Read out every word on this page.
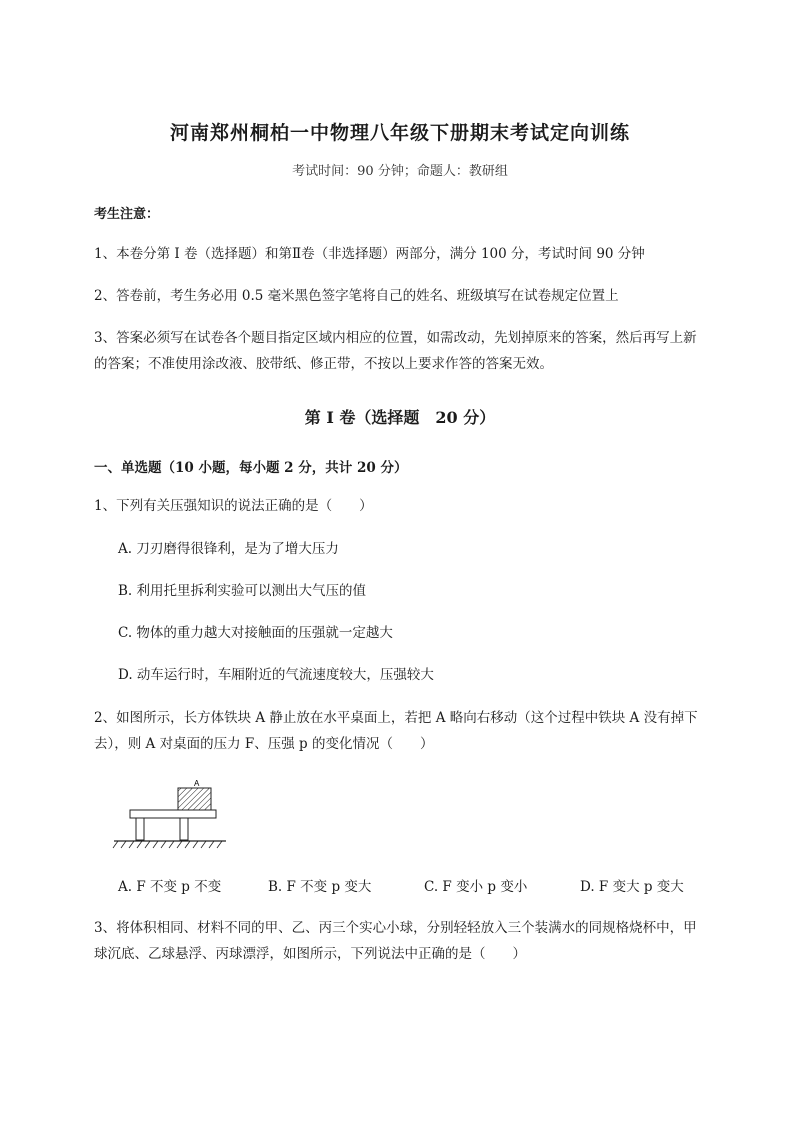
河南郑州桐柏一中物理八年级下册期末考试定向训练
考试时间：90 分钟；命题人：教研组
考生注意：
1、本卷分第 I 卷（选择题）和第Ⅱ卷（非选择题）两部分，满分 100 分，考试时间 90 分钟
2、答卷前，考生务必用 0.5 毫米黑色签字笔将自己的姓名、班级填写在试卷规定位置上
3、答案必须写在试卷各个题目指定区域内相应的位置，如需改动，先划掉原来的答案，然后再写上新
的答案；不准使用涂改液、胶带纸、修正带，不按以上要求作答的答案无效。
第 I 卷（选择题　20 分）
一、单选题（10 小题，每小题 2 分，共计 20 分）
1、下列有关压强知识的说法正确的是（　　）
A. 刀刃磨得很锋利，是为了增大压力
B. 利用托里拆利实验可以测出大气压的值
C. 物体的重力越大对接触面的压强就一定越大
D. 动车运行时，车厢附近的气流速度较大，压强较大
2、如图所示，长方体铁块 A 静止放在水平桌面上，若把 A 略向右移动（这个过程中铁块 A 没有掉下
去），则 A 对桌面的压力 F、压强 p 的变化情况（　　）
A
A. F 不变 p 不变	B. F 不变 p 变大	C. F 变小 p 变小	D. F 变大 p 变大
3、将体积相同、材料不同的甲、乙、丙三个实心小球，分别轻轻放入三个装满水的同规格烧杯中，甲
球沉底、乙球悬浮、丙球漂浮，如图所示，下列说法中正确的是（　　）
